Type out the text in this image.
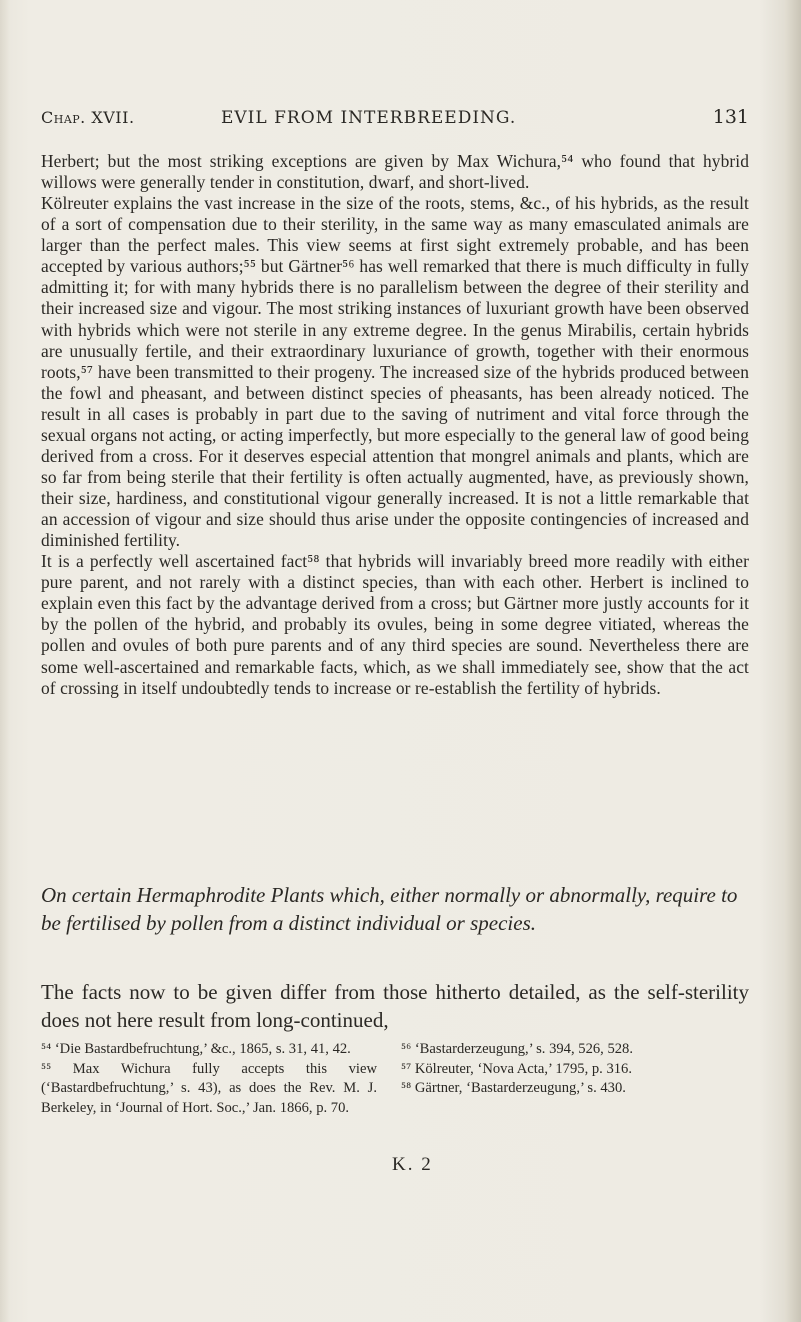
Chap. XVII.	EVIL FROM INTERBREEDING.	131

Herbert; but the most striking exceptions are given by Max Wichura,⁵⁴ who found that hybrid willows were generally tender in constitution, dwarf, and short-lived.

Kölreuter explains the vast increase in the size of the roots, stems, &c., of his hybrids, as the result of a sort of compensation due to their sterility, in the same way as many emasculated animals are larger than the perfect males. This view seems at first sight extremely probable, and has been accepted by various authors;⁵⁵ but Gärtner⁵⁶ has well remarked that there is much difficulty in fully admitting it; for with many hybrids there is no parallelism between the degree of their sterility and their increased size and vigour. The most striking instances of luxuriant growth have been observed with hybrids which were not sterile in any extreme degree. In the genus Mirabilis, certain hybrids are unusually fertile, and their extraordinary luxuriance of growth, together with their enormous roots,⁵⁷ have been transmitted to their progeny. The increased size of the hybrids produced between the fowl and pheasant, and between distinct species of pheasants, has been already noticed. The result in all cases is probably in part due to the saving of nutriment and vital force through the sexual organs not acting, or acting imperfectly, but more especially to the general law of good being derived from a cross. For it deserves especial attention that mongrel animals and plants, which are so far from being sterile that their fertility is often actually augmented, have, as previously shown, their size, hardiness, and constitutional vigour generally increased. It is not a little remarkable that an accession of vigour and size should thus arise under the opposite contingencies of increased and diminished fertility.

It is a perfectly well ascertained fact⁵⁸ that hybrids will invariably breed more readily with either pure parent, and not rarely with a distinct species, than with each other. Herbert is inclined to explain even this fact by the advantage derived from a cross; but Gärtner more justly accounts for it by the pollen of the hybrid, and probably its ovules, being in some degree vitiated, whereas the pollen and ovules of both pure parents and of any third species are sound. Nevertheless there are some well-ascertained and remarkable facts, which, as we shall immediately see, show that the act of crossing in itself undoubtedly tends to increase or re-establish the fertility of hybrids.

On certain Hermaphrodite Plants which, either normally or abnormally, require to be fertilised by pollen from a distinct individual or species.
The facts now to be given differ from those hitherto detailed, as the self-sterility does not here result from long-continued,

⁵⁴ ‘Die Bastardbefruchtung,’ &c., 1865, s. 31, 41, 42.

⁵⁵ Max Wichura fully accepts this view (‘Bastardbefruchtung,’ s. 43), as does the Rev. M. J. Berkeley, in ‘Journal of Hort. Soc.,’ Jan. 1866, p. 70.

⁵⁶ ‘Bastarderzeugung,’ s. 394, 526, 528.

⁵⁷ Kölreuter, ‘Nova Acta,’ 1795, p. 316.

⁵⁸ Gärtner, ‘Bastarderzeugung,’ s. 430.

K. 2
